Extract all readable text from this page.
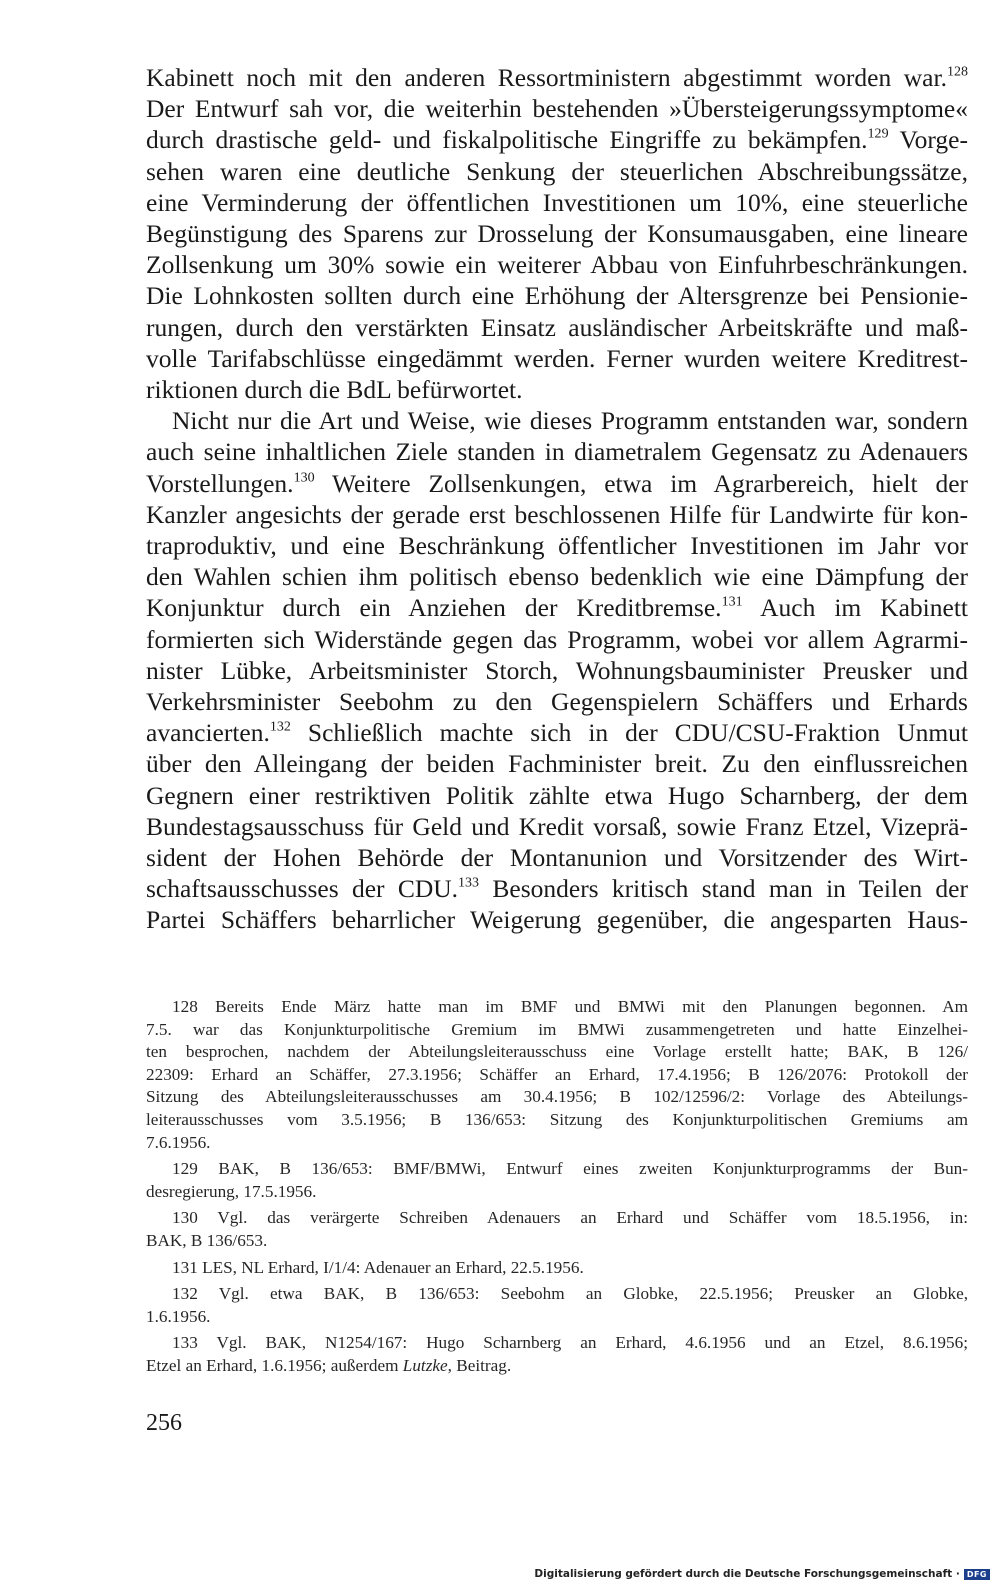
Kabinett noch mit den anderen Ressortministern abgestimmt worden war.$^{128}$
Der Entwurf sah vor, die weiterhin bestehenden »Übersteigerungssymptome«
durch drastische geld- und fiskalpolitische Eingriffe zu bekämpfen.$^{129}$ Vorge-
sehen waren eine deutliche Senkung der steuerlichen Abschreibungssätze,
eine Verminderung der öffentlichen Investitionen um 10%, eine steuerliche
Begünstigung des Sparens zur Drosselung der Konsumausgaben, eine lineare
Zollsenkung um 30% sowie ein weiterer Abbau von Einfuhrbeschränkungen.
Die Lohnkosten sollten durch eine Erhöhung der Altersgrenze bei Pensionie-
rungen, durch den verstärkten Einsatz ausländischer Arbeitskräfte und maß-
volle Tarifabschlüsse eingedämmt werden. Ferner wurden weitere Kreditrest-
riktionen durch die BdL befürwortet.
Nicht nur die Art und Weise, wie dieses Programm entstanden war, sondern
auch seine inhaltlichen Ziele standen in diametralem Gegensatz zu Adenauers
Vorstellungen.$^{130}$ Weitere Zollsenkungen, etwa im Agrarbereich, hielt der
Kanzler angesichts der gerade erst beschlossenen Hilfe für Landwirte für kon-
traproduktiv, und eine Beschränkung öffentlicher Investitionen im Jahr vor
den Wahlen schien ihm politisch ebenso bedenklich wie eine Dämpfung der
Konjunktur durch ein Anziehen der Kreditbremse.$^{131}$ Auch im Kabinett
formierten sich Widerstände gegen das Programm, wobei vor allem Agrarmi-
nister Lübke, Arbeitsminister Storch, Wohnungsbauminister Preusker und
Verkehrsminister Seebohm zu den Gegenspielern Schäffers und Erhards
avancierten.$^{132}$ Schließlich machte sich in der CDU/CSU-Fraktion Unmut
über den Alleingang der beiden Fachminister breit. Zu den einflussreichen
Gegnern einer restriktiven Politik zählte etwa Hugo Scharnberg, der dem
Bundestagsausschuss für Geld und Kredit vorsaß, sowie Franz Etzel, Vizeprä-
sident der Hohen Behörde der Montanunion und Vorsitzender des Wirt-
schaftsausschusses der CDU.$^{133}$ Besonders kritisch stand man in Teilen der
Partei Schäffers beharrlicher Weigerung gegenüber, die angesparten Haus-
128 Bereits Ende März hatte man im BMF und BMWi mit den Planungen begonnen. Am
7.5. war das Konjunkturpolitische Gremium im BMWi zusammengetreten und hatte Einzelhei-
ten besprochen, nachdem der Abteilungsleiterausschuss eine Vorlage erstellt hatte; BAK, B 126/
22309: Erhard an Schäffer, 27.3.1956; Schäffer an Erhard, 17.4.1956; B 126/2076: Protokoll der
Sitzung des Abteilungsleiterausschusses am 30.4.1956; B 102/12596/2: Vorlage des Abteilungs-
leiterausschusses vom 3.5.1956; B 136/653: Sitzung des Konjunkturpolitischen Gremiums am
7.6.1956.
129 BAK, B 136/653: BMF/BMWi, Entwurf eines zweiten Konjunkturprogramms der Bun-
desregierung, 17.5.1956.
130 Vgl. das verärgerte Schreiben Adenauers an Erhard und Schäffer vom 18.5.1956, in:
BAK, B 136/653.
131 LES, NL Erhard, I/1/4: Adenauer an Erhard, 22.5.1956.
132 Vgl. etwa BAK, B 136/653: Seebohm an Globke, 22.5.1956; Preusker an Globke,
1.6.1956.
133 Vgl. BAK, N1254/167: Hugo Scharnberg an Erhard, 4.6.1956 und an Etzel, 8.6.1956;
Etzel an Erhard, 1.6.1956; außerdem Lutzke, Beitrag.
256
Digitalisierung gefördert durch die Deutsche Forschungsgemeinschaft · DFG
